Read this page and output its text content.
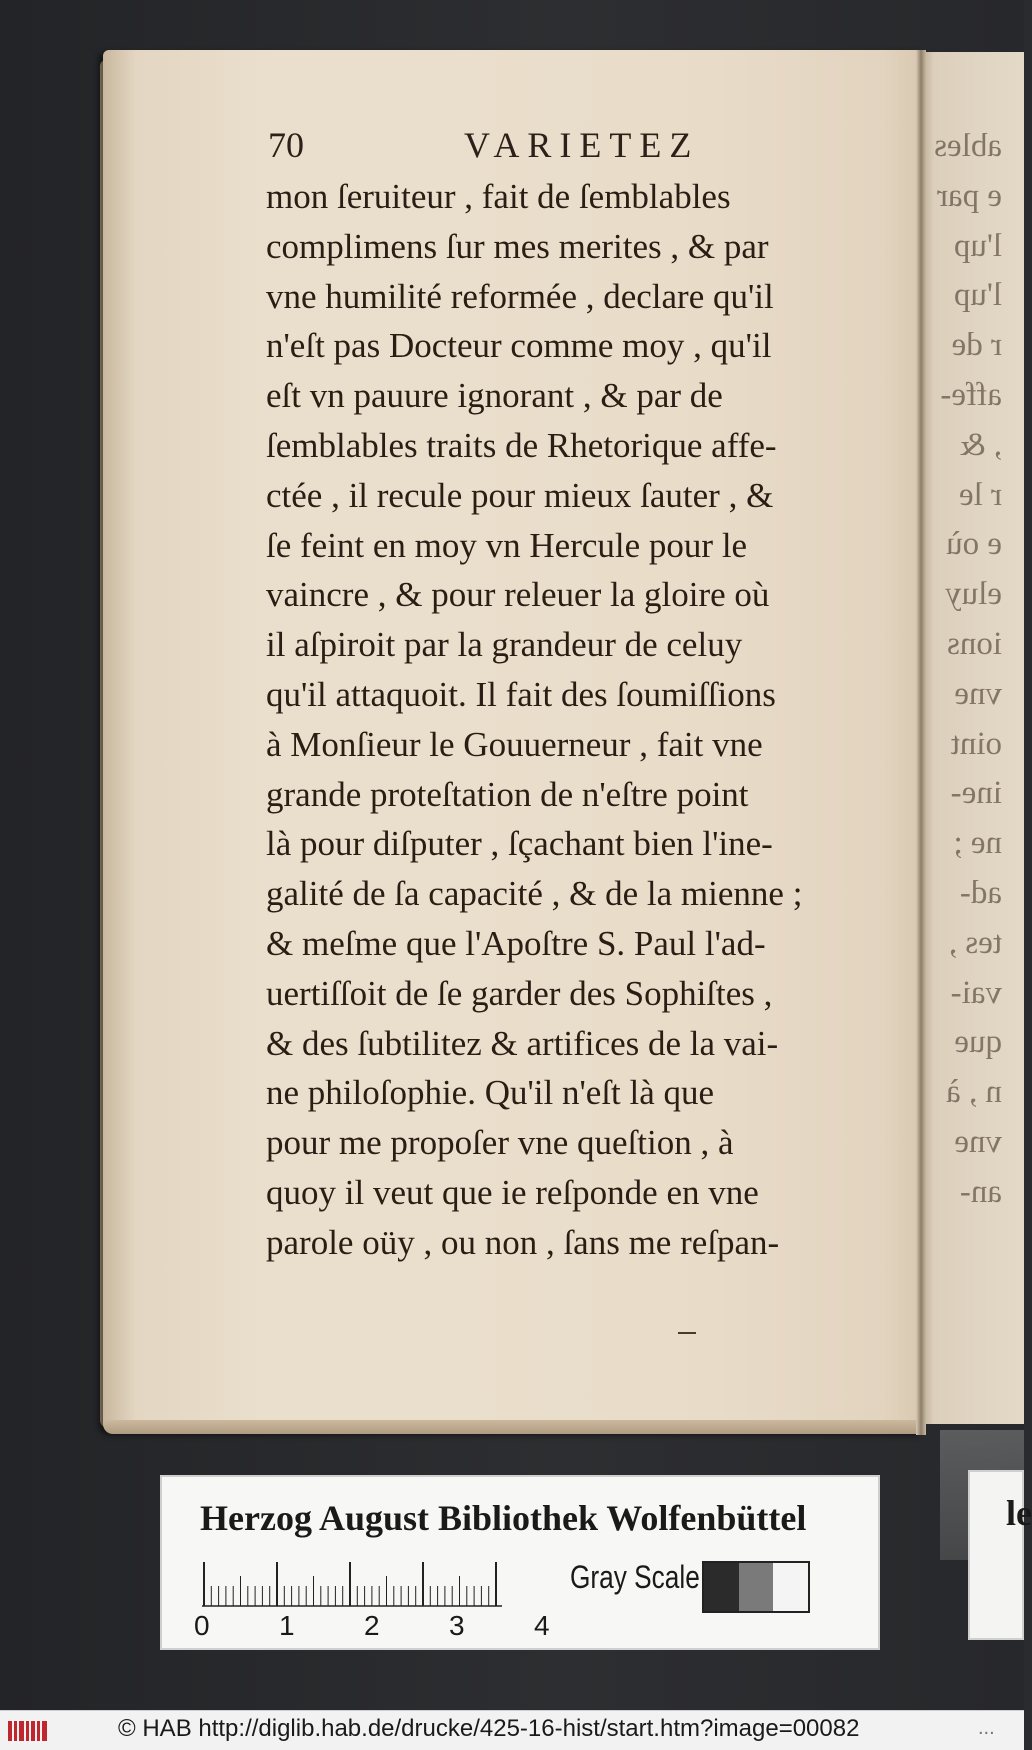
ables
e par
l'up
l'up
r de
affe-
, &
r le
e où
eluy
ions
vne
oint
ine-
ne ;
ad-
tes ,
vai-
que
n , à
vne
an-
70	VARIETEZ
mon ſeruiteur , fait de ſemblables
complimens ſur mes merites , & par
vne humilité reformée , declare qu'il
n'eſt pas Docteur comme moy , qu'il
eſt vn pauure ignorant , & par de
ſemblables traits de Rhetorique affe-
ctée , il recule pour mieux ſauter , &
ſe feint en moy vn Hercule pour le
vaincre , & pour releuer la gloire où
il aſpiroit par la grandeur de celuy
qu'il attaquoit. Il fait des ſoumiſſions
à Monſieur le Gouuerneur , fait vne
grande proteſtation de n'eſtre point
là pour diſputer , ſçachant bien l'ine-
galité de ſa capacité , & de la mienne ;
& meſme que l'Apoſtre S. Paul l'ad-
uertiſſoit de ſe garder des Sophiſtes ,
& des ſubtilitez & artifices de la vai-
ne philoſophie. Qu'il n'eſt là que
pour me propoſer vne queſtion , à
quoy il veut que ie reſponde en vne
parole oüy , ou non , ſans me reſpan-
Herzog August Bibliothek Wolfenbüttel
0 1 2 3 4
Gray Scale
le
© HAB http://diglib.hab.de/drucke/425-16-hist/start.htm?image=00082	...
